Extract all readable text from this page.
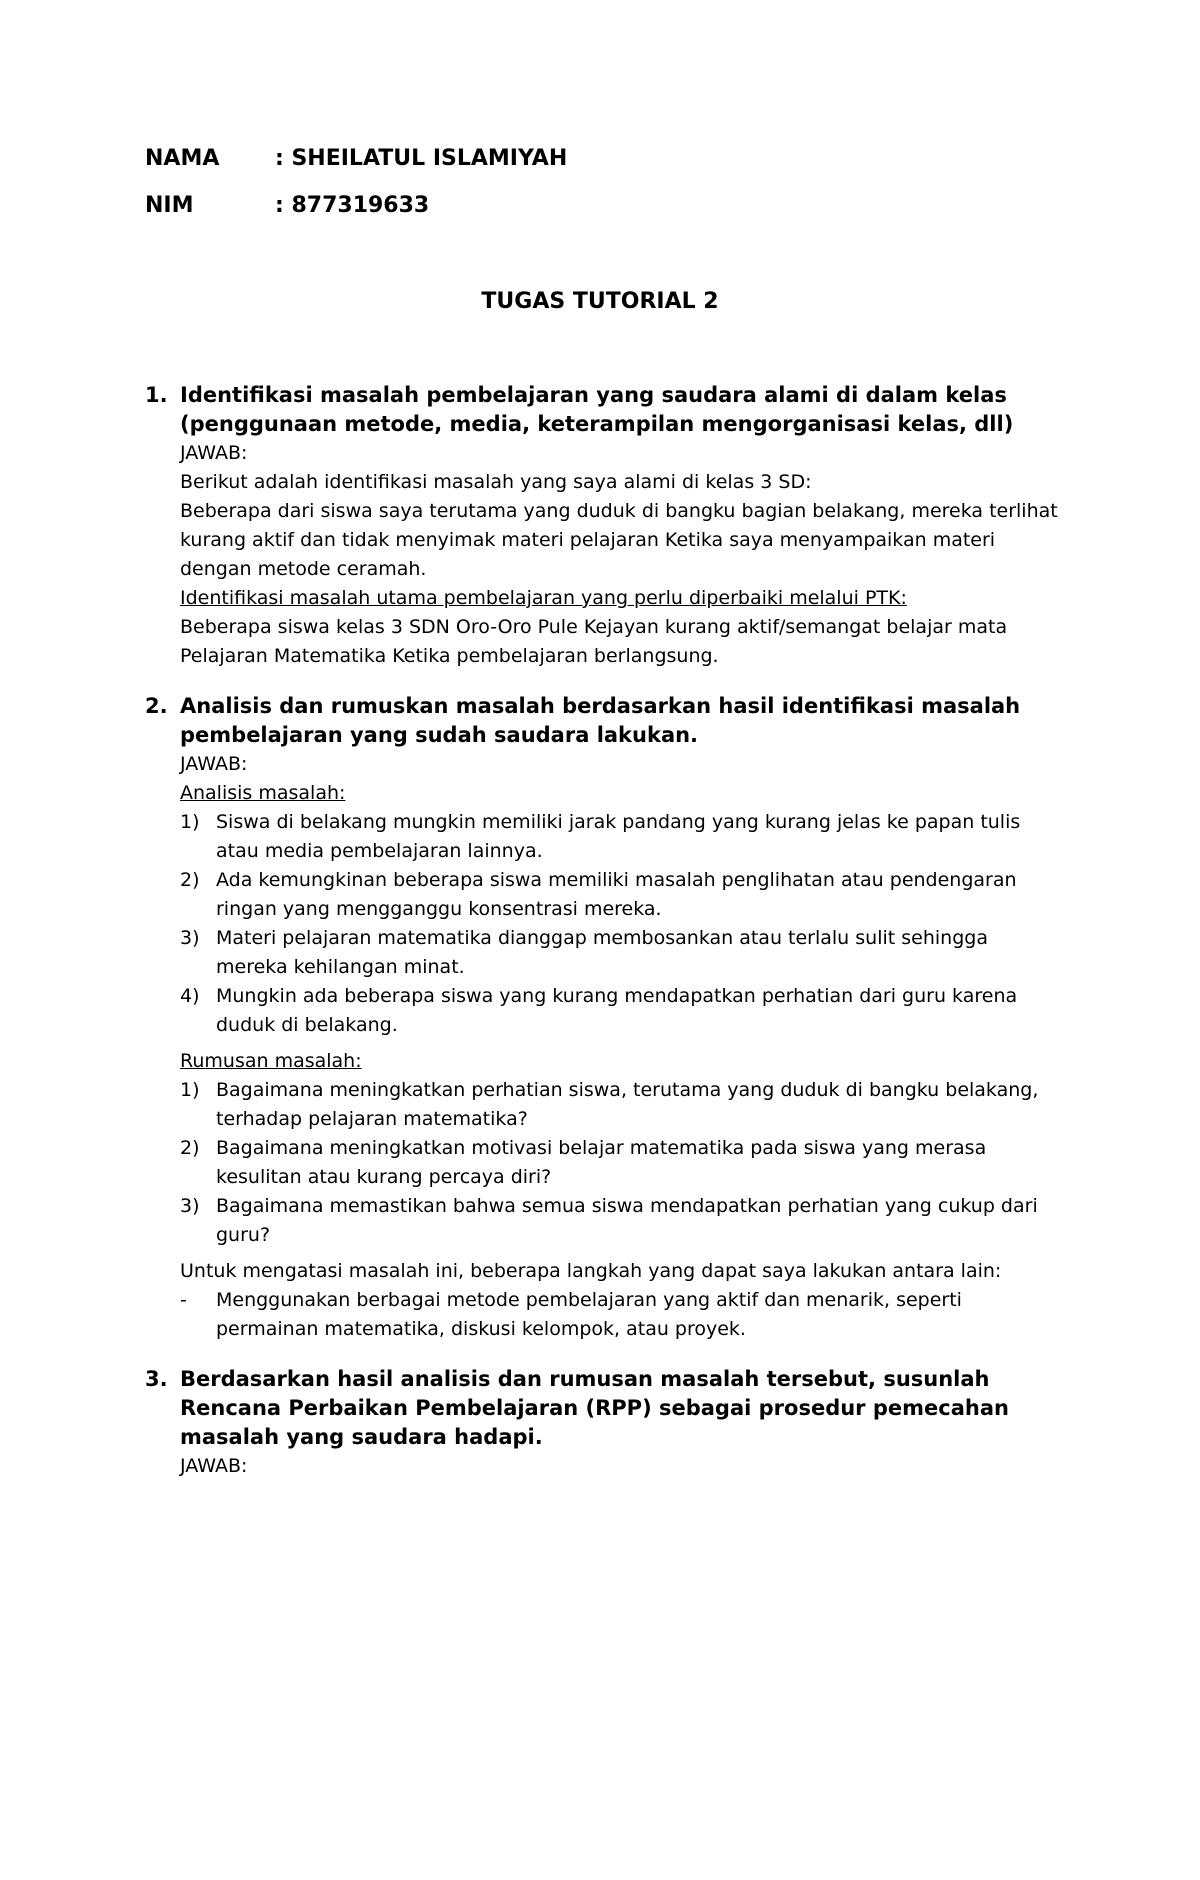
NAMA	: SHEILATUL ISLAMIYAH
NIM	: 877319633
TUGAS TUTORIAL 2
1. Identifikasi masalah pembelajaran yang saudara alami di dalam kelas (penggunaan metode, media, keterampilan mengorganisasi kelas, dll)
JAWAB:
Berikut adalah identifikasi masalah yang saya alami di kelas 3 SD:
Beberapa dari siswa saya terutama yang duduk di bangku bagian belakang, mereka terlihat kurang aktif dan tidak menyimak materi pelajaran Ketika saya menyampaikan materi dengan metode ceramah.
Identifikasi masalah utama pembelajaran yang perlu diperbaiki melalui PTK:
Beberapa siswa kelas 3 SDN Oro-Oro Pule Kejayan kurang aktif/semangat belajar mata Pelajaran Matematika Ketika pembelajaran berlangsung.
2. Analisis dan rumuskan masalah berdasarkan hasil identifikasi masalah pembelajaran yang sudah saudara lakukan.
JAWAB:
Analisis masalah:
1) Siswa di belakang mungkin memiliki jarak pandang yang kurang jelas ke papan tulis atau media pembelajaran lainnya.
2) Ada kemungkinan beberapa siswa memiliki masalah penglihatan atau pendengaran ringan yang mengganggu konsentrasi mereka.
3) Materi pelajaran matematika dianggap membosankan atau terlalu sulit sehingga mereka kehilangan minat.
4) Mungkin ada beberapa siswa yang kurang mendapatkan perhatian dari guru karena duduk di belakang.
Rumusan masalah:
1) Bagaimana meningkatkan perhatian siswa, terutama yang duduk di bangku belakang, terhadap pelajaran matematika?
2) Bagaimana meningkatkan motivasi belajar matematika pada siswa yang merasa kesulitan atau kurang percaya diri?
3) Bagaimana memastikan bahwa semua siswa mendapatkan perhatian yang cukup dari guru?
Untuk mengatasi masalah ini, beberapa langkah yang dapat saya lakukan antara lain:
- Menggunakan berbagai metode pembelajaran yang aktif dan menarik, seperti permainan matematika, diskusi kelompok, atau proyek.
3. Berdasarkan hasil analisis dan rumusan masalah tersebut, susunlah Rencana Perbaikan Pembelajaran (RPP) sebagai prosedur pemecahan masalah yang saudara hadapi.
JAWAB:
